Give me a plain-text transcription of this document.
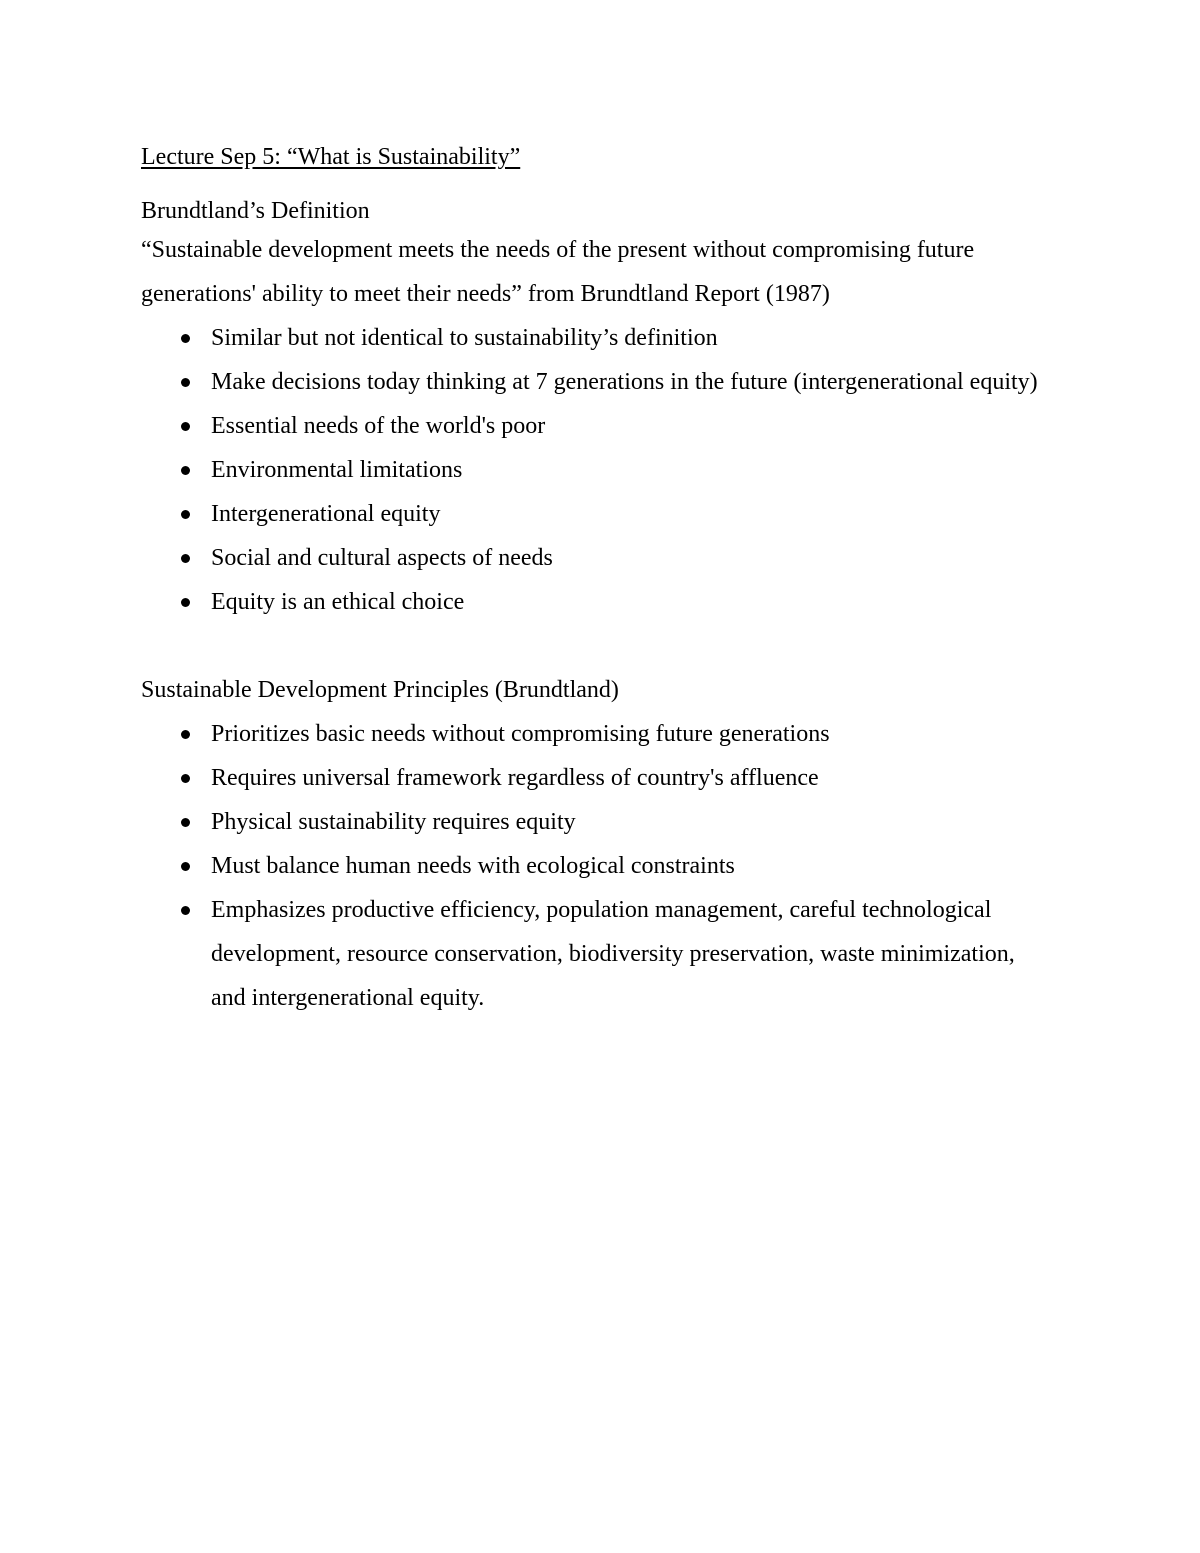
Lecture Sep 5: “What is Sustainability”

Brundtland’s Definition

“Sustainable development meets the needs of the present without compromising future

generations' ability to meet their needs” from Brundtland Report (1987)

Similar but not identical to sustainability’s definition
Make decisions today thinking at 7 generations in the future (intergenerational equity)
Essential needs of the world's poor
Environmental limitations
Intergenerational equity
Social and cultural aspects of needs
Equity is an ethical choice

Sustainable Development Principles (Brundtland)

Prioritizes basic needs without compromising future generations
Requires universal framework regardless of country's affluence
Physical sustainability requires equity
Must balance human needs with ecological constraints
Emphasizes productive efficiency, population management, careful technological development, resource conservation, biodiversity preservation, waste minimization, and intergenerational equity.
